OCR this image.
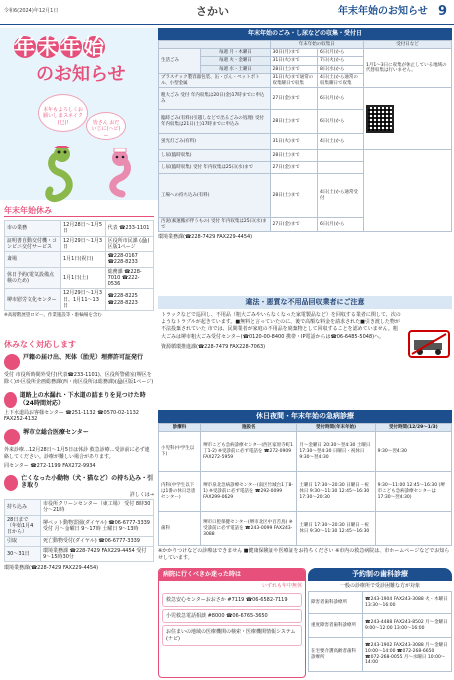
令和6(2024)年12月1日	さかい	年末年始のお知らせ 9
年末年始
のお知らせ
本年もよろしくお願いしまスネイク(巳)!	皆さん おだいじに(ヘビ)ー
年末年始休み
市の業務	12月28日～1月5日	代表 ☎233-1101
証明書自動交付機・コンビニ交付サービス	12月29日～1月3日	区役所市民課 (🖨)区版1ページ
斎場	1月1日(祝日)	☎228-0167 ☎228-8233
休日予約(電気設備点検のため)	1月1日(土)	総務課 ☎228-7010 ☎222-0536
堺市慰労文化センター	12月29日～1月3日、1月11～13日	☎228-8225 ☎228-8223
※高層階展望ロビー、作業施設等・駐輪場を含む
休みなく対応します
戸籍の届け出、死体（胎児）埋葬許可証発行
受付 市役所時間外受付(代表☎233-1101)、区役所警備室(堺区を除く)か区役所企画総務課(西・南区役所は総務課)(🖨区版1ページ)
道路上の水漏れ・下水道の詰まりを見つけた時（24時間対応）
上下水道局お客様センター ☎251-1132 ☎0570-02-1132 FAX252-4132
堺市立総合医療センター
外来診療…12月28日～1月5日は休診 救急診療…受診前に必ず連絡してください。診療が難しい場合があります。
同センター ☎272-1199 FAX272-9934
亡くなった小動物（犬・猫など）の持ち込み・引き取り
詳しくは→
持ち込み	市役所クリーンセンター（東工場） 受付 8時30分～21時
28日まで（年始1月4日から）	堺ペット動物霊園(ダイヤル) ☎06-6777-3339 受付 月～金曜日 9～17時 土曜日 9～13時
引取	死亡動物受付(ダイヤル) ☎06-6777-3339
30～31日	環境業務課 ☎228-7429 FAX229-4454 受付 9～15時30分
環境業務課(☎228-7429 FAX229-4454)
年末年始のごみ・し尿などの収集・受付日
		年末年始の収集日		受付日など
生活ごみ	毎週 月・木曜日	30日(月)まで	6日(月)から	1月1～3日に収集が休止している地域の代替収集は行いません。
	毎週 火・金曜日	31日(火)まで	7日(火)から	
	毎週 水・土曜日	28日(土)まで	8日(水)から	
プラスチック製容器包装、缶・びん・ペットボトル、小型金属		31日(火)まで通常の収集曜日で収集	4日(土)から通常の収集曜日で収集	
粗大ごみ 受付 年内収集は20日(金)17時までに申込み		27日(金)まで	6日(月)から	

臨時ごみ(有料)(引越しなどで出るごみの処理) 受付 年内収集は21日(土)17時までに申込み		28日(土)まで	6日(月)から	
蛍光灯ごみ(有料)		31日(火)まで	4日(土)から	
し尿(臨時収集)		28日(土)まで		
し尿(臨時収集) 受付 年内収集は25日(水)まで		27日(金)まで		
工場への持ち込み(有料)		28日(土)まで	4日(土)から通常受付	
汚泥(素運搬が伴うもの) 受付 年内収集は25日(水)まで		27日(金)まで	6日(月)から	
環境業務課(☎228-7429 FAX229-4454)
違法・悪質な不用品回収業者にご注意
トラックなどで巡回し、不用品（粗大ごみやいらなくなった家電製品など）を回収する業者に関して、次のようなトラブルが起きています。■無料と言っていたのに、後で高額な料金を請求された■引き渡した物が不法投棄されていた 市では、民間業者が家庭の不用品を廃棄物として回収することを認めていません。粗大ごみは堺市粗大ごみ受付センター(☎0120-00-8400 携帯・IP電話からは☎06-6485-5048)へ。
資源循環推進課(☎228-7479 FAX228-7063)
休日夜間・年末年始の急病診療
診療科	施設名	受付時間(年末年始)	受付時間(12/29～1/3)
小児科(中学生以下)	堺市こども急病診療センター(西区家原寺町1丁1-2) ※受診前に必ず電話を ☎272-0909 FAX272-5959	月～金曜日 20:30～翌4:30 土曜日 17:30～翌4:30 日曜日・祝休日 9:30～翌4:30	9:30～翌4:30
内科(中学生以下は1番の休日急患センター)	堺市泉北急病診療センター(南区竹城台1丁8-1) ※受診前に必ず電話を ☎292-0099 FAX299-0629	土曜日 17:30～20:30 日曜日・祝休日 9:30～11:30 12:45～16:30 17:30～20:30	9:30～11:00 12:45～16:30 (堺市こども急病診療センターは 17:30～翌4:30)
歯科	堺市口腔保健センター(堺市北区中百舌鳥) ※受診前に必ず電話を ☎243-0099 FAX243-3088	土曜日 17:30～20:30 日曜日・祝休日 9:30～11:30 12:45～16:30	
※かかりつけなどの診療はできません ■健康保険証や医療証をお持ちください ※市内の救急病院は、市ホームページなどでお知らせしています。
病院に行くべきか迷った時は
いずれも年中無休
救急安心センターおおさか #7119 ☎06-6582-7119
小児救急電話相談 #8000 ☎06-6765-3650
お住まいの地域の医療機関の検索・医療機関情報システム(ナビ)
予約制の歯科診療
一般の診療所で受診困難な方が対象
障害者歯科診療所	☎243-1904 FAX243-3088 火・木曜日 13:30～16:00
重度障害者歯科診療所	☎243-4488 FAX243-8502 月～金曜日 9:00～12:00 13:00～16:00
在宅要介護高齢者歯科診療所	☎243-1902 FAX243-3088 月～金曜日 10:00～14:00 ☎072-268-6650 ☎072-268-0055 月～水曜日 10:00～14:00
